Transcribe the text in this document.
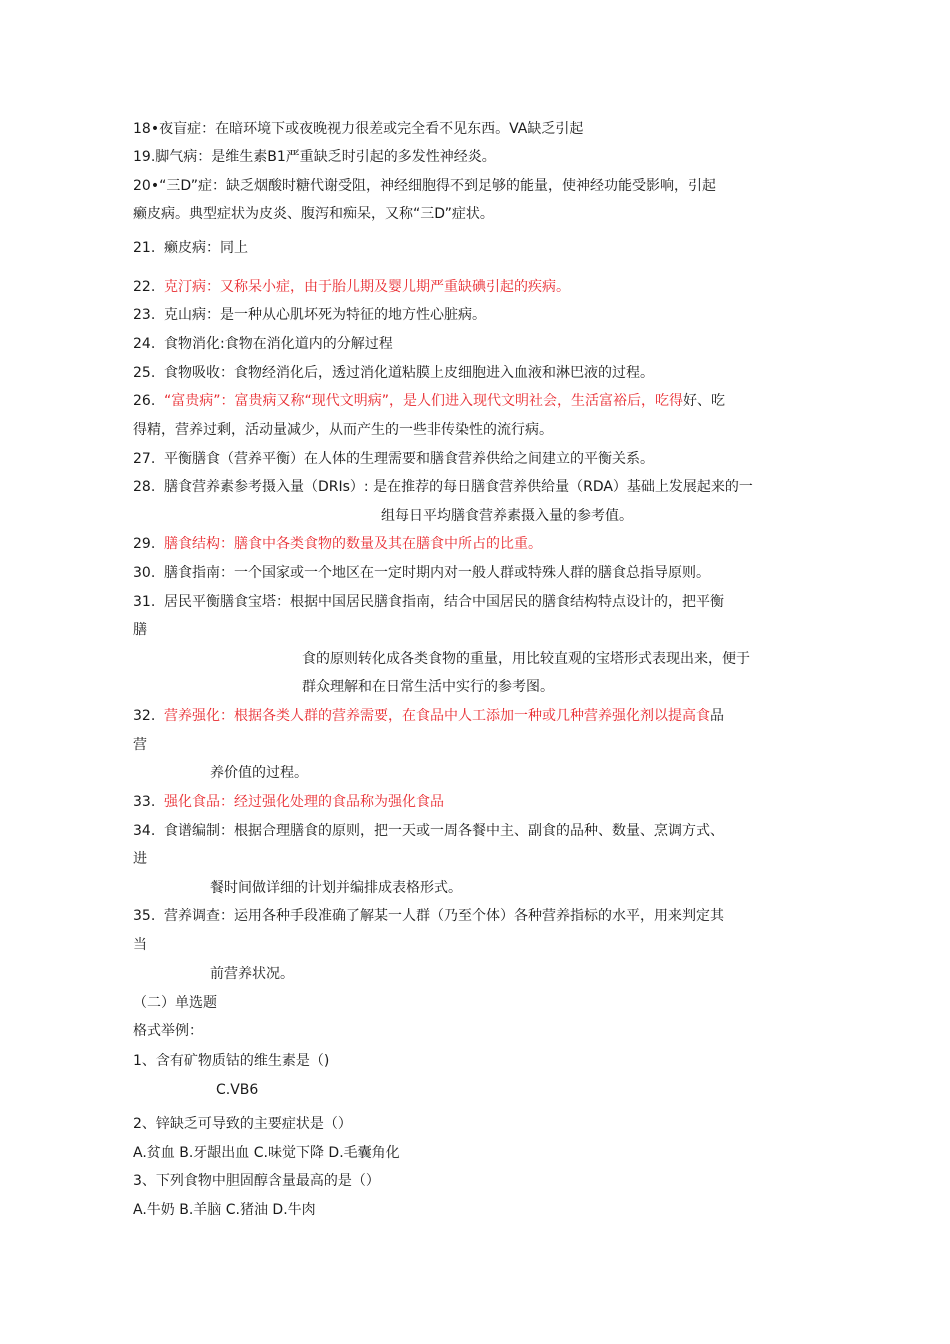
18•夜盲症：在暗环境下或夜晚视力很差或完全看不见东西。VA缺乏引起
19.脚气病：是维生素B1严重缺乏时引起的多发性神经炎。
20•“三D”症：缺乏烟酸时糖代谢受阻，神经细胞得不到足够的能量，使神经功能受影响，引起
癞皮病。典型症状为皮炎、腹泻和痴呆，又称“三D”症状。
21. 癞皮病：同上
22. 克汀病：又称呆小症，由于胎儿期及婴儿期严重缺碘引起的疾病。
23. 克山病：是一种从心肌坏死为特征的地方性心脏病。
24. 食物消化:食物在消化道内的分解过程
25. 食物吸收：食物经消化后，透过消化道粘膜上皮细胞进入血液和淋巴液的过程。
26. “富贵病”：富贵病又称“现代文明病”，是人们进入现代文明社会，生活富裕后，吃得好、吃
得精，营养过剩，活动量减少，从而产生的一些非传染性的流行病。
27. 平衡膳食（营养平衡）在人体的生理需要和膳食营养供给之间建立的平衡关系。
28. 膳食营养素参考摄入量（DRIs）: 是在推荐的每日膳食营养供给量（RDA）基础上发展起来的一
组每日平均膳食营养素摄入量的参考值。
29. 膳食结构：膳食中各类食物的数量及其在膳食中所占的比重。
30. 膳食指南：一个国家或一个地区在一定时期内对一般人群或特殊人群的膳食总指导原则。
31. 居民平衡膳食宝塔：根据中国居民膳食指南，结合中国居民的膳食结构特点设计的，把平衡
膳
食的原则转化成各类食物的重量，用比较直观的宝塔形式表现出来，便于
群众理解和在日常生活中实行的参考图。
32. 营养强化：根据各类人群的营养需要，在食品中人工添加一种或几种营养强化剂以提高食品
营
养价值的过程。
33. 强化食品：经过强化处理的食品称为强化食品
34. 食谱编制：根据合理膳食的原则，把一天或一周各餐中主、副食的品种、数量、烹调方式、
进
餐时间做详细的计划并编排成表格形式。
35. 营养调查：运用各种手段准确了解某一人群（乃至个体）各种营养指标的水平，用来判定其
当
前营养状况。
（二）单选题
格式举例：
1、含有矿物质钴的维生素是（)
C.VB6
2、锌缺乏可导致的主要症状是（）
A.贫血 B.牙龈出血 C.味觉下降 D.毛囊角化
3、下列食物中胆固醇含量最高的是（）
A.牛奶 B.羊脑 C.猪油 D.牛肉
